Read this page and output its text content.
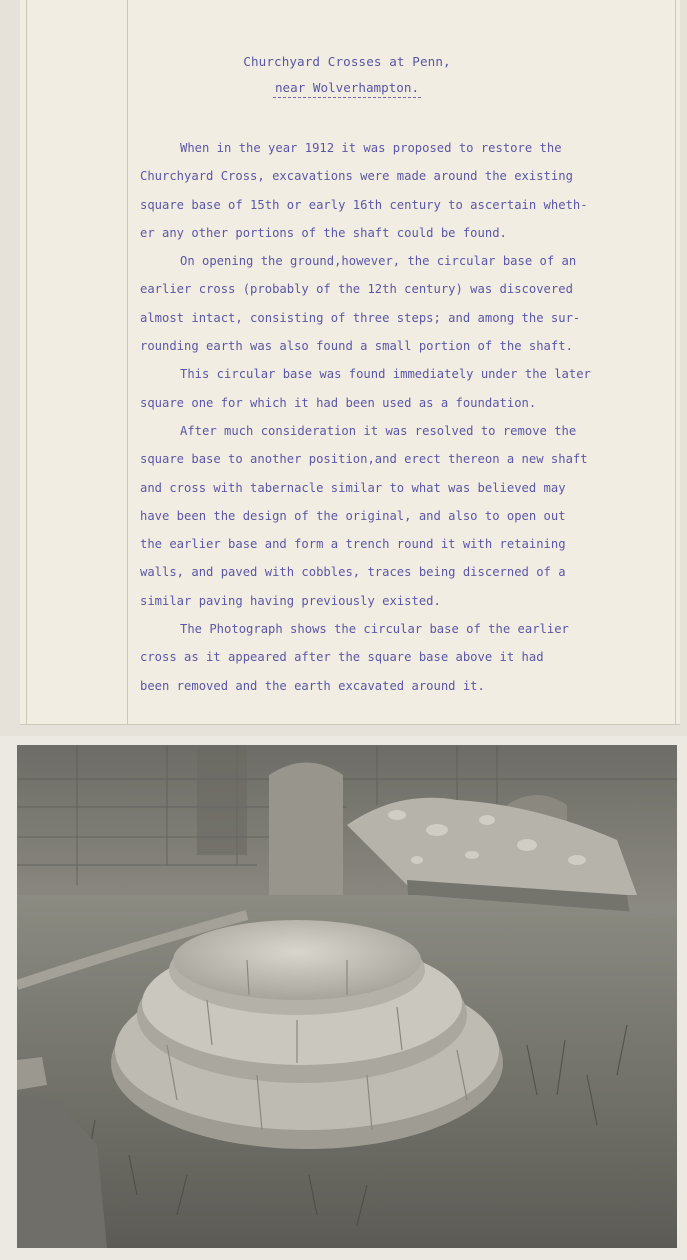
Churchyard Crosses at Penn,
near Wolverhampton.

When in the year 1912 it was proposed to restore the
Churchyard Cross, excavations were made around the existing
square base of 15th or early 16th century to ascertain wheth-
er any other portions of the shaft could be found.

On opening the ground,however, the circular base of an
earlier cross (probably of the 12th century) was discovered
almost intact, consisting of three steps; and among the sur-
rounding earth was also found a small portion of the shaft.

This circular base was found immediately under the later
square one for which it had been used as a foundation.

After much consideration it was resolved to remove the
square base to another position,and erect thereon a new shaft
and cross with tabernacle similar to what was believed may
have been the design of the original, and also to open out
the earlier base and form a trench round it with retaining
walls, and paved with cobbles, traces being discerned of a
similar paving having previously existed.

The Photograph shows the circular base of the earlier
cross as it appeared after the square base above it had
been removed and the earth excavated around it.
